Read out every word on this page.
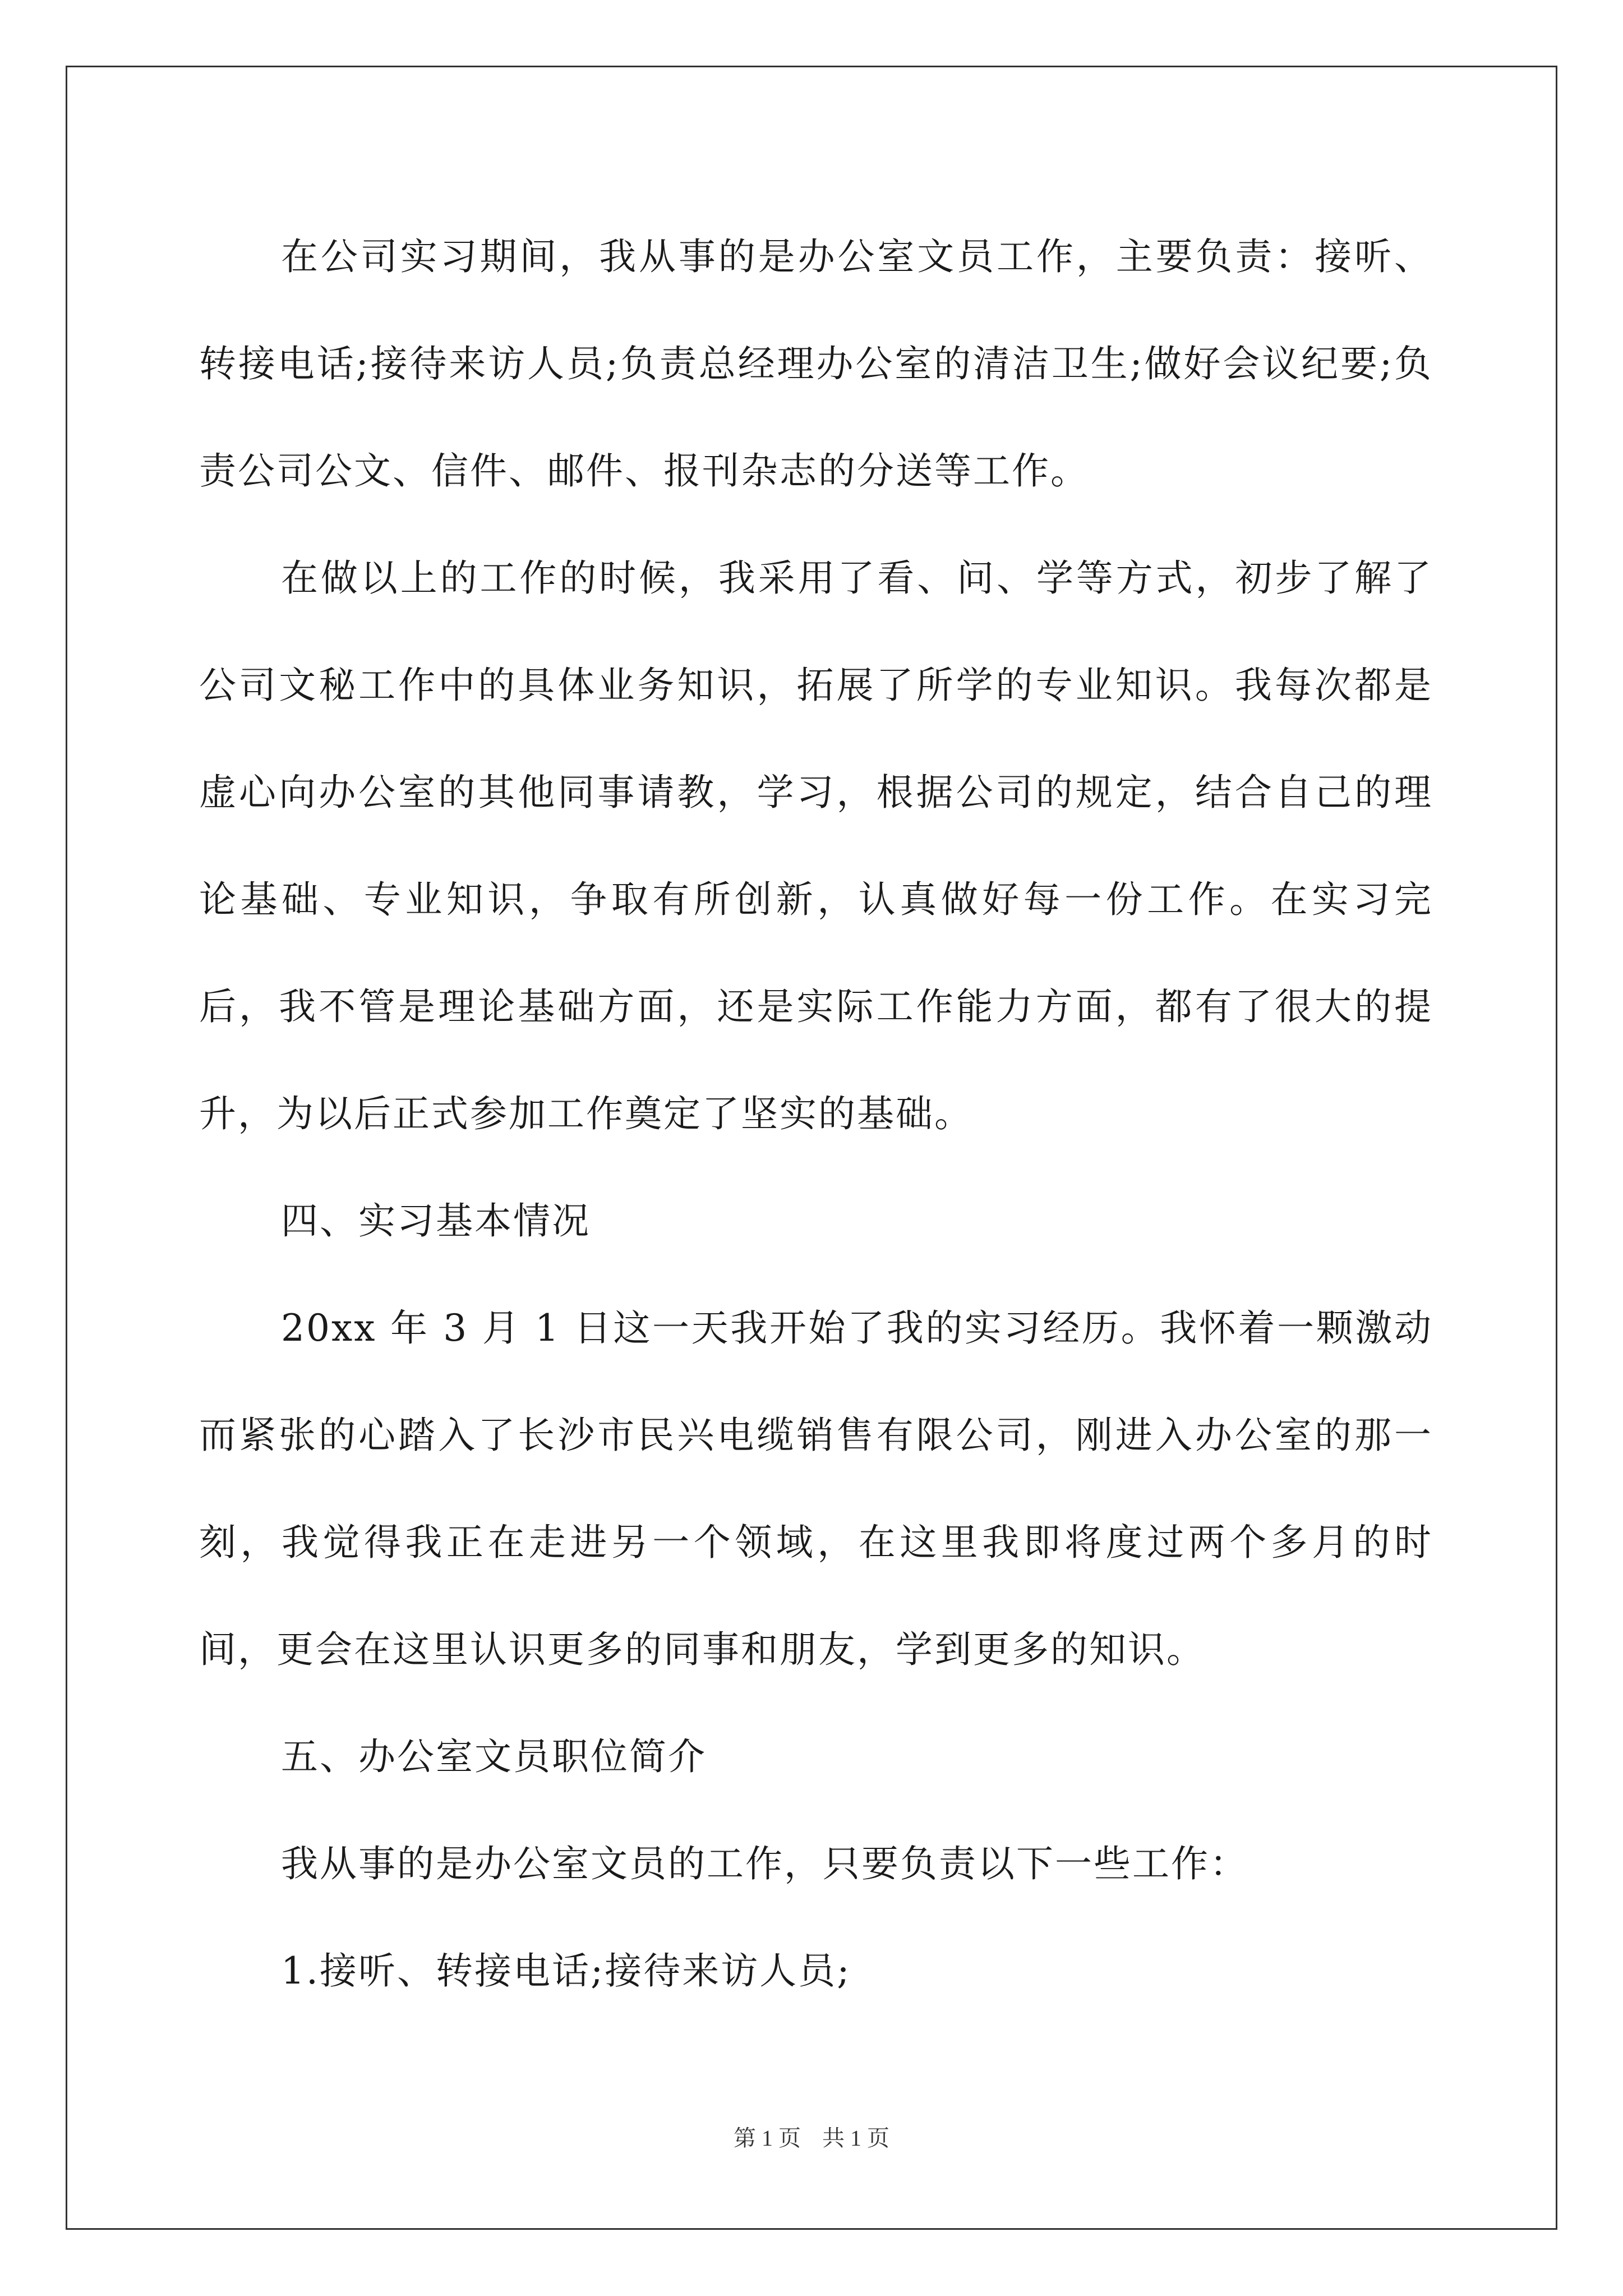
在公司实习期间，我从事的是办公室文员工作，主要负责：接听、转接电话;接待来访人员;负责总经理办公室的清洁卫生;做好会议纪要;负责公司公文、信件、邮件、报刊杂志的分送等工作。

在做以上的工作的时候，我采用了看、问、学等方式，初步了解了公司文秘工作中的具体业务知识，拓展了所学的专业知识。我每次都是虚心向办公室的其他同事请教，学习，根据公司的规定，结合自己的理论基础、专业知识，争取有所创新，认真做好每一份工作。在实习完后，我不管是理论基础方面，还是实际工作能力方面，都有了很大的提升，为以后正式参加工作奠定了坚实的基础。

四、实习基本情况

20xx 年 3 月 1 日这一天我开始了我的实习经历。我怀着一颗激动而紧张的心踏入了长沙市民兴电缆销售有限公司，刚进入办公室的那一刻，我觉得我正在走进另一个领域，在这里我即将度过两个多月的时间，更会在这里认识更多的同事和朋友，学到更多的知识。

五、办公室文员职位简介

我从事的是办公室文员的工作，只要负责以下一些工作：

1.接听、转接电话;接待来访人员;

第 1 页 共 1 页
